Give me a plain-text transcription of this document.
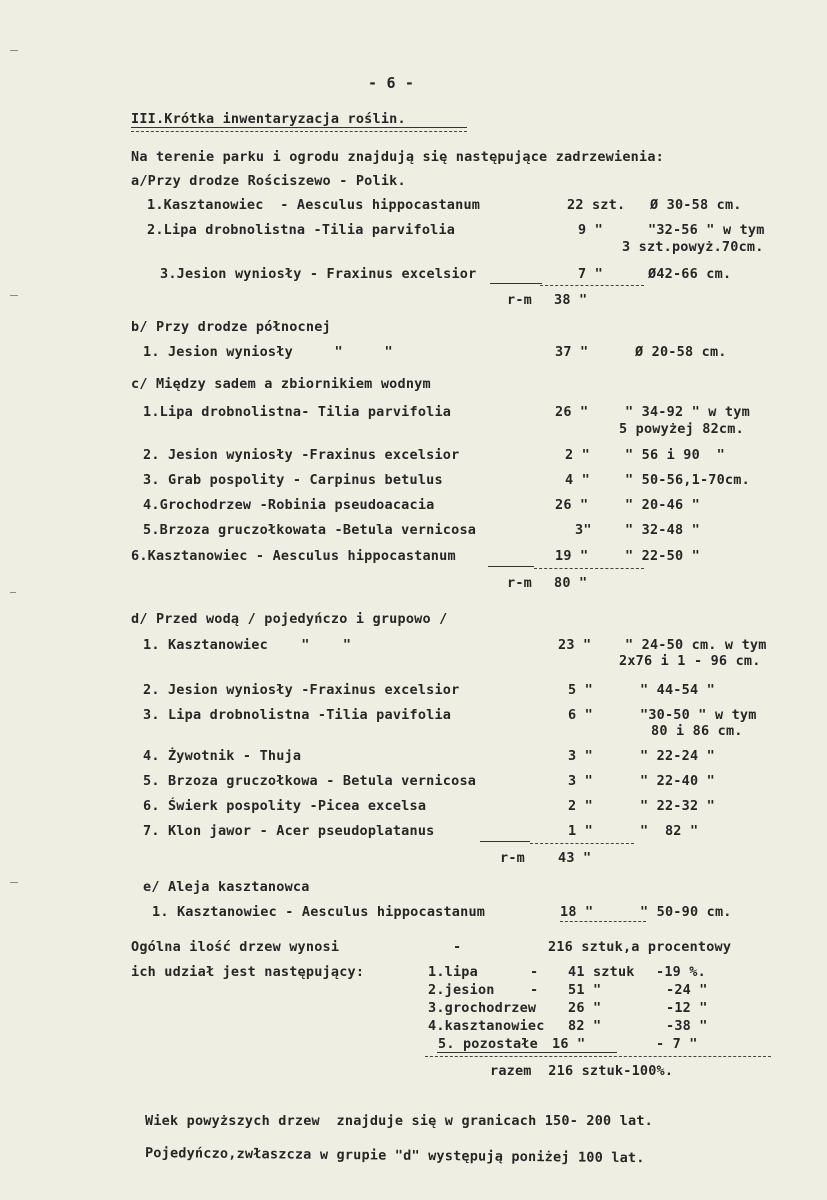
- 6 -
III.Krótka inwentaryzacja roślin.
Na terenie parku i ogrodu znajdują się następujące zadrzewienia:
a/Przy drodze Rościszewo - Polik.
1.Kasztanowiec  - Aesculus hippocastanum	22 szt. Ø 30-58 cm.
2.Lipa drobnolistna -Tilia parvifolia	9 "	"32-56 " w tym
3 szt.powyż.70cm.
3.Jesion wyniosły - Fraxinus excelsior	7 "	Ø42-66 cm.
r-m 38 "
b/ Przy drodze północnej
1. Jesion wyniosły     "     "	37 "	Ø 20-58 cm.
c/ Między sadem a zbiornikiem wodnym
1.Lipa drobnolistna- Tilia parvifolia	26 "	" 34-92 " w tym
5 powyżej 82cm.
2. Jesion wyniosły -Fraxinus excelsior	2 "	" 56 i 90  "
3. Grab pospolity - Carpinus betulus	4 "	" 50-56,1-70cm.
4.Grochodrzew -Robinia pseudoacacia	26 "	" 20-46 "
5.Brzoza gruczołkowata -Betula vernicosa	3" " 32-48 "
6.Kasztanowiec - Aesculus hippocastanum	19 "	" 22-50 "
r-m 80 "
d/ Przed wodą / pojedyńczo i grupowo /
1. Kasztanowiec    "    "	23 " " 24-50 cm. w tym
2x76 i 1 - 96 cm.
2. Jesion wyniosły -Fraxinus excelsior	5 "	" 44-54 "
3. Lipa drobnolistna -Tilia pavifolia	6 "	"30-50 " w tym
80 i 86 cm.
4. Żywotnik - Thuja	3 "	" 22-24 "
5. Brzoza gruczołkowa - Betula vernicosa	3 "	" 22-40 "
6. Świerk pospolity -Picea excelsa	2 "	" 22-32 "
7. Klon jawor - Acer pseudoplatanus	1 "	"  82 "
r-m 43 "
e/ Aleja kasztanowca
1. Kasztanowiec - Aesculus hippocastanum	18 "	" 50-90 cm.
Ogólna ilość drzew wynosi	-	216 sztuk,a procentowy
ich udział jest następujący:	1.lipa	- 41 sztuk -19 %.
2.jesion	- 51 "	-24 "
3.grochodrzew 26 "	-12 "
4.kasztanowiec 82 "	-38 "
5. pozostałe 16 "	- 7 "
razem  216 sztuk-100%.
Wiek powyższych drzew  znajduje się w granicach 150- 200 lat.
Pojedyńczo,zwłaszcza w grupie "d" występują poniżej 100 lat.
